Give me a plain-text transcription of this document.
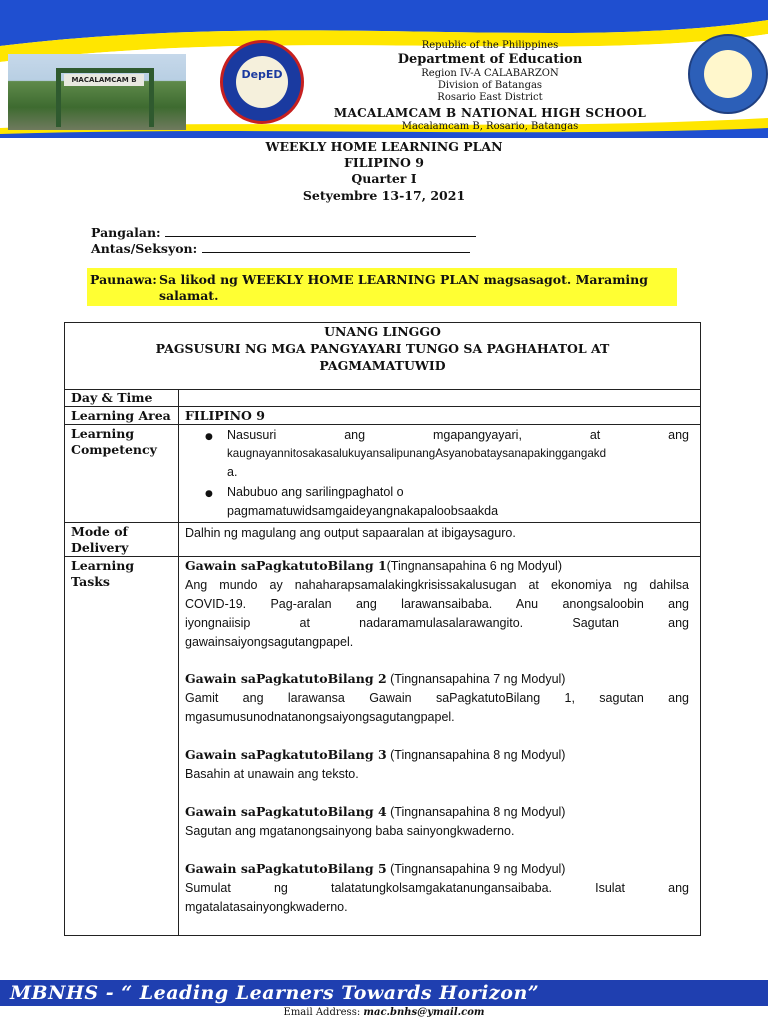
MACALAMCAM B	DepED
Republic of the Philippines
Department of Education
Region IV-A CALABARZON
Division of Batangas
Rosario East District
MACALAMCAM B NATIONAL HIGH SCHOOL
Macalamcam B, Rosario, Batangas
WEEKLY HOME LEARNING PLAN
FILIPINO 9
Quarter I
Setyembre 13-17, 2021
Pangalan:
Antas/Seksyon:
Paunawa: Sa likod ng WEEKLY HOME LEARNING PLAN magsasagot. Maraming salamat.
UNANG LINGGO
PAGSUSURI NG MGA PANGYAYARI TUNGO SA PAGHAHATOL AT
PAGMAMATUWID
Day & Time
Learning Area FILIPINO 9
Learning
Competency
● Nasusuri ang mgapangyayari, at ang
kaugnayannitosakasalukuyansalipunangAsyanobataysanapakinggangakd
a.
● Nabubuo ang sarilingpaghatol o
pagmamatuwidsamgaideyangnakapaloobsaakda
Mode of
Delivery
Dalhin ng magulang ang output sapaaralan at ibigaysaguro.
Learning
Tasks
Gawain saPagkatutoBilang 1(Tingnansapahina 6 ng Modyul)
Ang mundo ay nahaharapsamalakingkrisissakalusugan at ekonomiya ng dahilsa
COVID-19. Pag-aralan ang larawansaibaba. Anu anongsaloobin ang
iyongnaiisip at nadaramamulasalarawangito. Sagutan ang
gawainsaiyongsagutangpapel.
Gawain saPagkatutoBilang 2 (Tingnansapahina 7 ng Modyul)
Gamit ang larawansa Gawain saPagkatutoBilang 1, sagutan ang
mgasumusunodnatanongsaiyongsagutangpapel.
Gawain saPagkatutoBilang 3 (Tingnansapahina 8 ng Modyul)
Basahin at unawain ang teksto.
Gawain saPagkatutoBilang 4 (Tingnansapahina 8 ng Modyul)
Sagutan ang mgatanongsainyong baba sainyongkwaderno.
Gawain saPagkatutoBilang 5 (Tingnansapahina 9 ng Modyul)
Sumulat ng talatatungkolsamgakatanungansaibaba. Isulat ang
mgatalatasainyongkwaderno.
MBNHS - “ Leading Learners Towards Horizon”
Email Address: mac.bnhs@ymail.com
